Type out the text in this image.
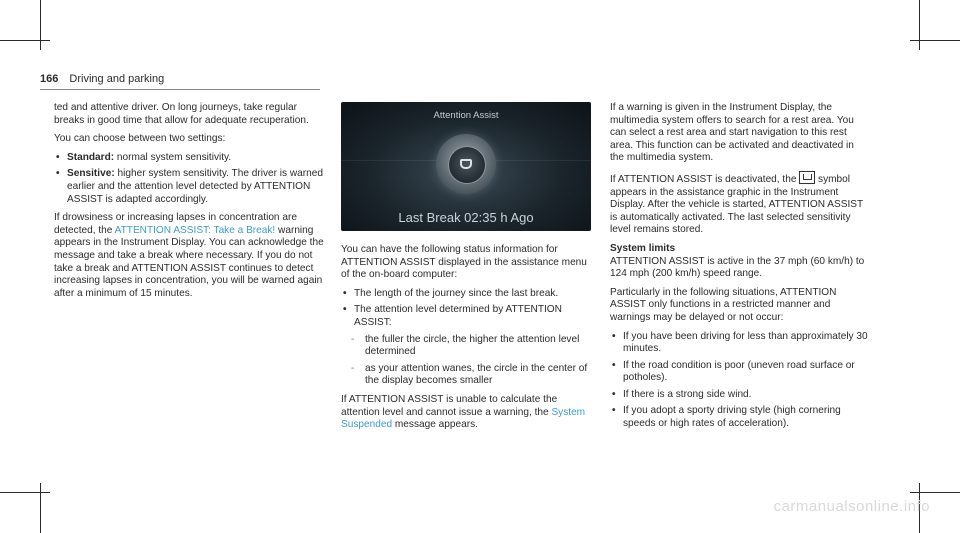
166 Driving and parking

ted and attentive driver. On long journeys, take regular breaks in good time that allow for adequate recuperation.

You can choose between two settings:

• Standard: normal system sensitivity.
• Sensitive: higher system sensitivity. The driver is warned earlier and the attention level detected by ATTENTION ASSIST is adapted accordingly.

If drowsiness or increasing lapses in concentration are detected, the ATTENTION ASSIST: Take a Break! warning appears in the Instrument Display. You can acknowledge the message and take a break where necessary. If you do not take a break and ATTENTION ASSIST continues to detect increasing lapses in concentration, you will be warned again after a minimum of 15 minutes.

Attention Assist
Last Break 02:35 h Ago

You can have the following status information for ATTENTION ASSIST displayed in the assistance menu of the on-board computer:

• The length of the journey since the last break.
• The attention level determined by ATTENTION ASSIST:
- the fuller the circle, the higher the attention level determined
- as your attention wanes, the circle in the center of the display becomes smaller

If ATTENTION ASSIST is unable to calculate the attention level and cannot issue a warning, the System Suspended message appears.

If a warning is given in the Instrument Display, the multimedia system offers to search for a rest area. You can select a rest area and start navigation to this rest area. This function can be activated and deactivated in the multimedia system.

If ATTENTION ASSIST is deactivated, the  symbol appears in the assistance graphic in the Instrument Display. After the vehicle is started, ATTENTION ASSIST is automatically activated. The last selected sensitivity level remains stored.

System limits

ATTENTION ASSIST is active in the 37 mph (60 km/h) to 124 mph (200 km/h) speed range.

Particularly in the following situations, ATTENTION ASSIST only functions in a restricted manner and warnings may be delayed or not occur:

• If you have been driving for less than approximately 30 minutes.
• If the road condition is poor (uneven road surface or potholes).
• If there is a strong side wind.
• If you adopt a sporty driving style (high cornering speeds or high rates of acceleration).
carmanualsonline.info
